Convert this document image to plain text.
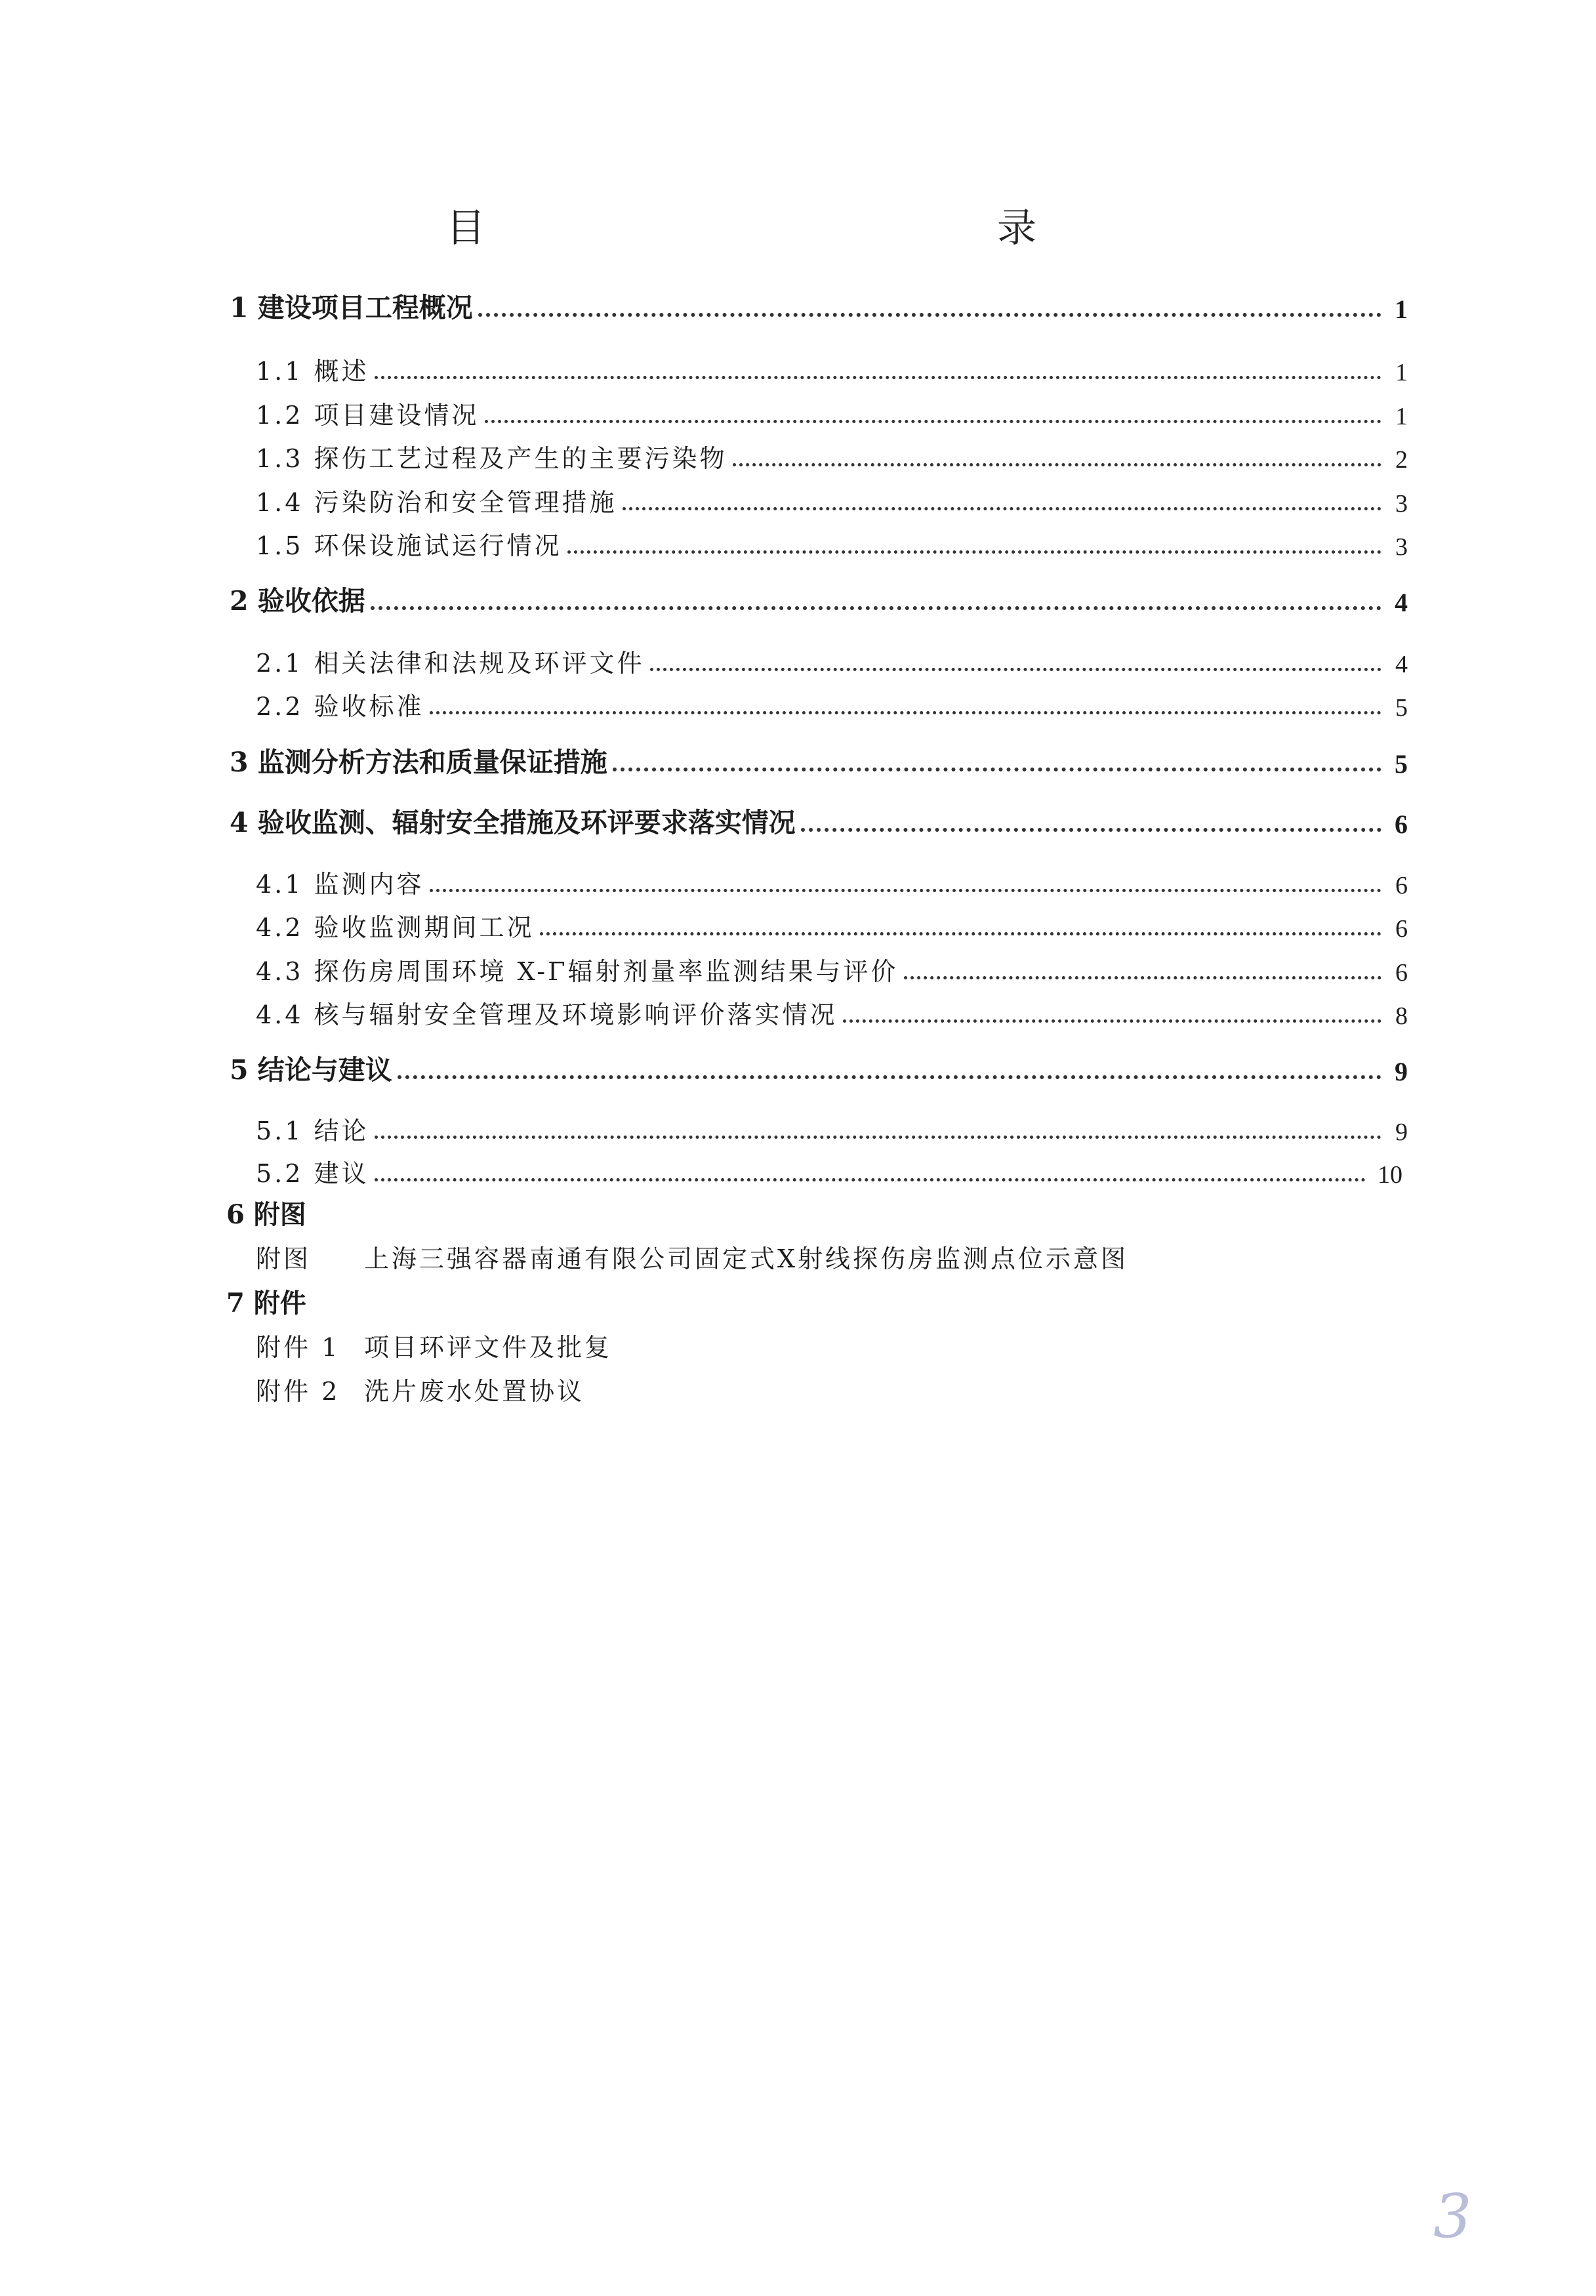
目　　录
1 建设项目工程概况	1
1.1 概述	1
1.2 项目建设情况	1
1.3 探伤工艺过程及产生的主要污染物	2
1.4 污染防治和安全管理措施	3
1.5 环保设施试运行情况	3
2 验收依据	4
2.1 相关法律和法规及环评文件	4
2.2 验收标准	5
3 监测分析方法和质量保证措施	5
4 验收监测、辐射安全措施及环评要求落实情况	6
4.1 监测内容	6
4.2 验收监测期间工况	6
4.3 探伤房周围环境 X-Γ辐射剂量率监测结果与评价	6
4.4 核与辐射安全管理及环境影响评价落实情况	8
5 结论与建议	9
5.1 结论	9
5.2 建议	10
6 附图
附图	上海三强容器南通有限公司固定式X射线探伤房监测点位示意图
7 附件
附件 1 项目环评文件及批复
附件 2 洗片废水处置协议
3
